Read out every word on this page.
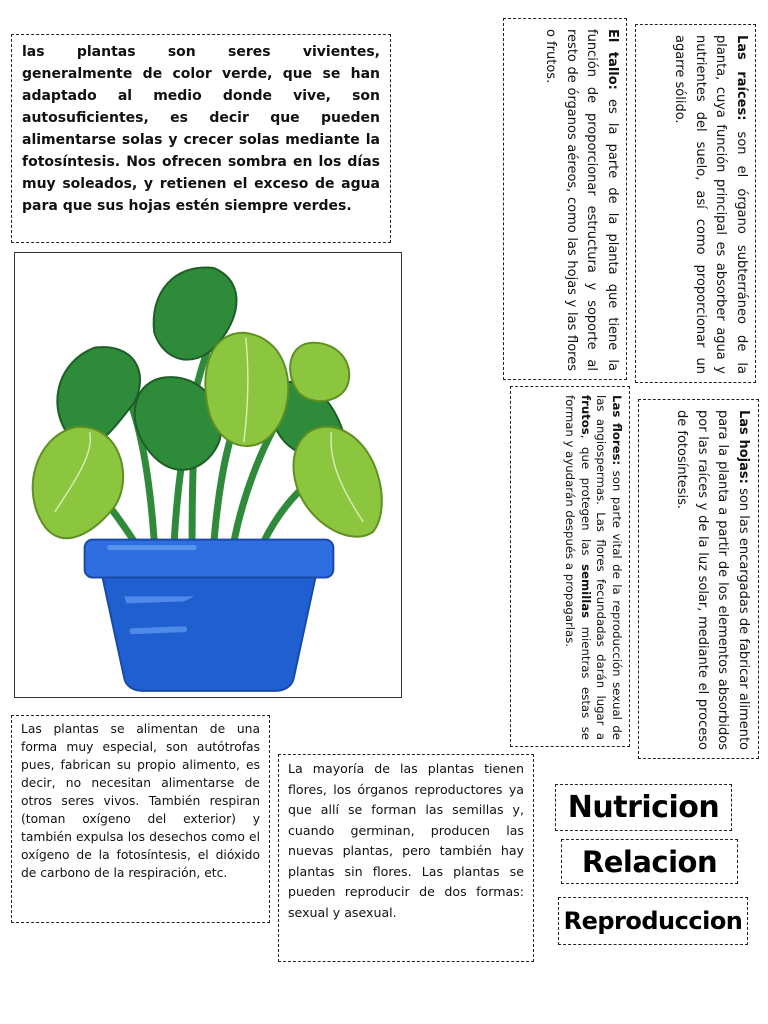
las plantas son seres vivientes, generalmente de color verde, que se han adaptado al medio donde vive, son autosuficientes, es decir que pueden alimentarse solas y crecer solas mediante la fotosíntesis. Nos ofrecen sombra en los días muy soleados, y retienen el exceso de agua para que sus hojas estén siempre verdes.
El tallo: es la parte de la planta que tiene la función de proporcionar estructura y soporte al resto de órganos aéreos, como las hojas y las flores o frutos.	Las raíces: son el órgano subterráneo de la planta, cuya función principal es absorber agua y nutrientes del suelo, así como proporcionar un agarre sólido.
Las flores: son parte vital de la reproducción sexual de las angiospermas. Las flores fecundadas darán lugar a frutos, que protegen las semillas mientras estas se forman y ayudarán después a propagarlas.	Las hojas: son las encargadas de fabricar alimento para la planta a partir de los elementos absorbidos por las raíces y de la luz solar, mediante el proceso de fotosíntesis.
Las plantas se alimentan de una forma muy especial, son autótrofas pues, fabrican su propio alimento, es decir, no necesitan alimentarse de otros seres vivos. También respiran (toman oxígeno del exterior) y también expulsa los desechos como el oxígeno de la fotosíntesis, el dióxido de carbono de la respiración, etc.
La mayoría de las plantas tienen flores, los órganos reproductores ya que allí se forman las semillas y, cuando germinan, producen las nuevas plantas, pero también hay plantas sin flores. Las plantas se pueden reproducir de dos formas: sexual y asexual.
Nutricion
Relacion
Reproduccion
